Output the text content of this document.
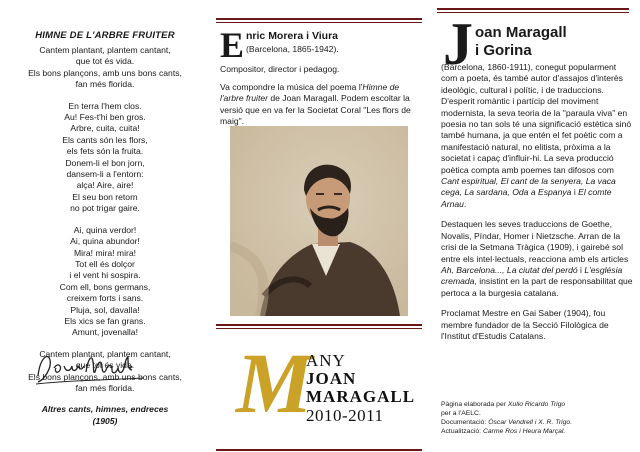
HIMNE DE L'ARBRE FRUITER
Cantem plantant, plantem cantant,
que tot és vida.
Els bons plançons, amb uns bons cants,
fan més florida.
En terra l'hem clos.
Au! Fes-t'hi ben gros.
Arbre, cuita, cuita!
Els cants són les flors,
els fets són la fruita.
Donem-li el bon jorn,
dansem-li a l'entorn:
alça! Aire, aire!
El seu bon retorn
no pot trigar gaire.
Ai, quina verdor!
Ai, quina abundor!
Mira! mira! mira!
Tot ell és dolçor
i el vent hi sospira.
Com ell, bons germans,
creixem forts i sans.
Pluja, sol, davalla!
Els xics se fan grans.
Amunt, jovenalla!
Cantem plantant, plantem cantant,
que tot és vida.
Els bons plançons, amb uns bons cants,
fan més florida.
Altres cants, himnes, endreces
(1905)
E nric Morera i Viura
(Barcelona, 1865-1942).
Compositor, director i pedagog.
Va compondre la música del poema l'Himne de l'arbre fruiter de Joan Maragall. Podem escoltar la versió que en va fer la Societat Coral "Les flors de maig".
M
ANY
JOAN
MARAGALL
2010-2011
J oan Maragall
i Gorina

(Barcelona, 1860-1911), conegut popularment com a poeta, és també autor d'assajos d'interès ideològic, cultural i polític, i de traduccions. D'esperit romàntic i partícip del moviment modernista, la seva teoria de la "paraula viva" en poesia no tan sols té una significació estètica sinó també humana, ja que entén el fet poètic com a manifestació natural, no elitista, pròxima a la societat i capaç d'influir-hi. La seva producció poètica compta amb poemes tan difosos com Cant espiritual, El cant de la senyera, La vaca cega, La sardana, Oda a Espanya i El comte Arnau.

Destaquen les seves traduccions de Goethe, Novalis, Píndar, Homer i Nietzsche. Arran de la crisi de la Setmana Tràgica (1909), i gairebé sol entre els intel·lectuals, reacciona amb els articles Ah, Barcelona..., La ciutat del perdó i L'església cremada, insistint en la part de responsabilitat que pertoca a la burgesia catalana.

Proclamat Mestre en Gai Saber (1904), fou membre fundador de la Secció Filològica de l'Institut d'Estudis Catalans.

Pàgina elaborada per Xulio Ricardo Trigo
per a l'AELC.
Documentació: Òscar Vendrell i X. R. Trigo.
Actualització: Carme Ros i Heura Marçal.
